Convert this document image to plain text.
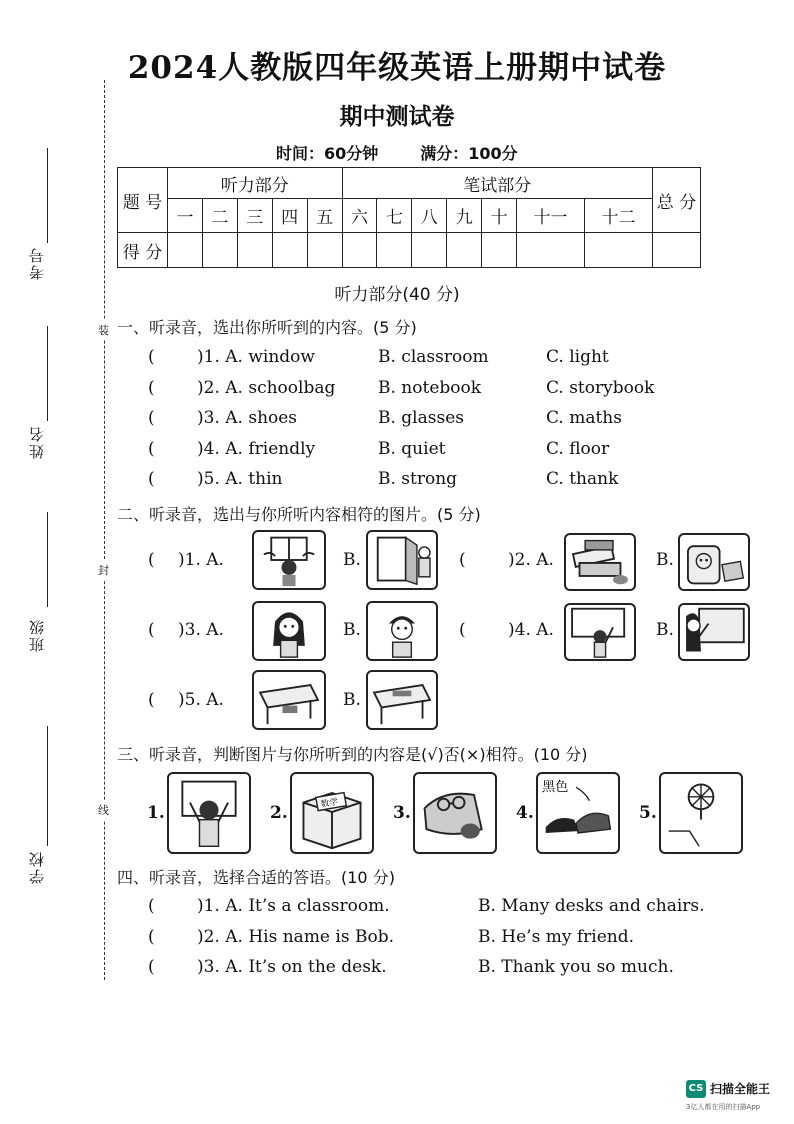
考号
姓名
班级
学校
装
封
线
2024人教版四年级英语上册期中试卷
期中测试卷
时间：60分钟	满分：100分
题 号	听力部分					笔试部分							总 分
	一	二	三	四	五	六	七	八	九	十	十一	十二	
得 分													
听力部分(40 分)
一、听录音，选出你所听到的内容。(5 分)
( )1. A. window	B. classroom	C. light
( )2. A. schoolbag	B. notebook	C. storybook
( )3. A. shoes	B. glasses	C. maths
( )4. A. friendly	B. quiet	C. floor
( )5. A. thin	B. strong	C. thank
二、听录音，选出与你所听内容相符的图片。(5 分)
( )1. A.	B.	( )2. A.	B.
( )3. A.	B.	( )4. A.	B.
( )5. A.	B.
三、听录音，判断图片与你所听到的内容是(√)否(×)相符。(10 分)
1.	2.	3.	4.	5.
数学
黑色
四、听录音，选择合适的答语。(10 分)
( )1. A. It’s a classroom.	B. Many desks and chairs.
( )2. A. His name is Bob.	B. He’s my friend.
( )3. A. It’s on the desk.	B. Thank you so much.
CS 扫描全能王
3亿人都在用的扫描App
